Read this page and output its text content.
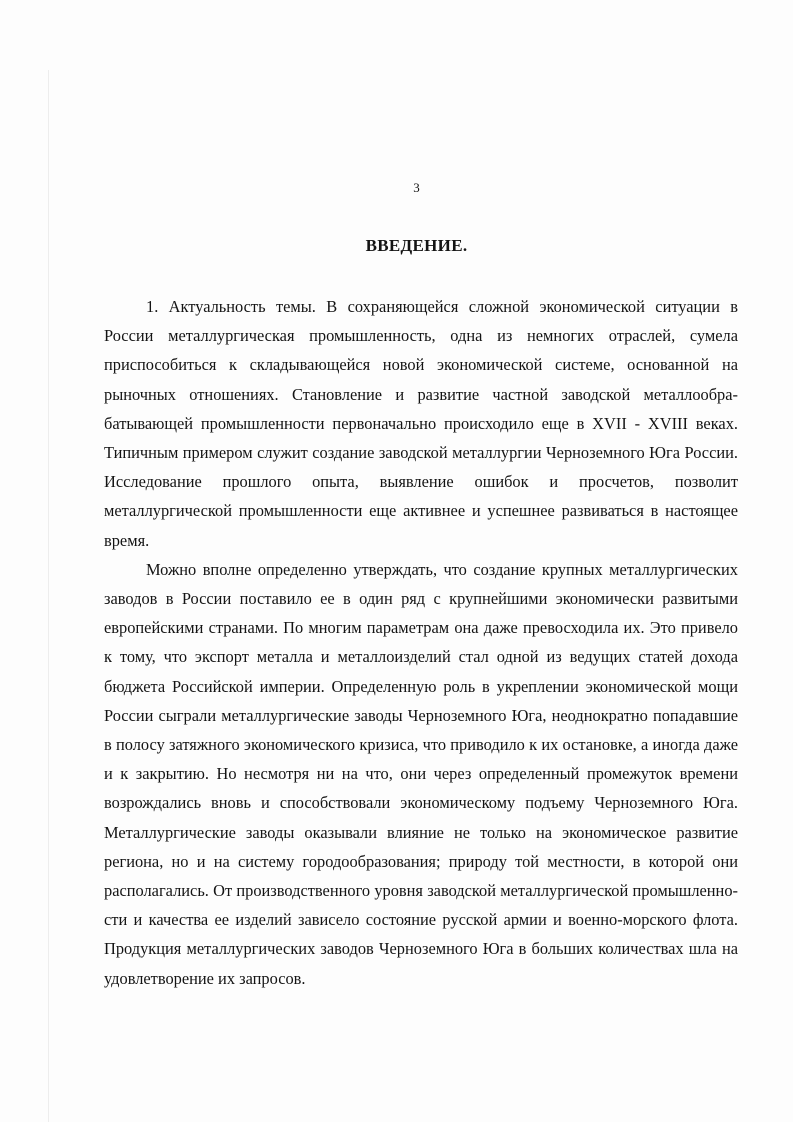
3
ВВЕДЕНИЕ.

1. Актуальность темы. В сохраняющейся сложной экономической ситуации в России металлургическая промышленность, одна из немногих отраслей, сумела приспособиться к складывающейся новой экономической системе, основанной на рыночных отношениях. Становление и развитие частной заводской металлообрабатывающей промышленности первоначально происходило еще в XVII - XVIII веках. Типичным примером служит создание заводской металлургии Черноземного Юга России. Исследование прошлого опыта, выявление ошибок и просчетов, позволит металлургической промышленности еще активнее и успешнее развиваться в настоящее время.

Можно вполне определенно утверждать, что создание крупных металлургических заводов в России поставило ее в один ряд с крупнейшими экономически развитыми европейскими странами. По многим параметрам она даже превосходила их. Это привело к тому, что экспорт металла и металлоизделий стал одной из ведущих статей дохода бюджета Российской империи. Определенную роль в укреплении экономической мощи России сыграли металлургические заводы Черноземного Юга, неоднократно попадавшие в полосу затяжного экономического кризиса, что приводило к их остановке, а иногда даже и к закрытию. Но несмотря ни на что, они через определенный промежуток времени возрождались вновь и способствовали экономическому подъему Черноземного Юга. Металлургические заводы оказывали влияние не только на экономическое развитие региона, но и на систему городообразования; природу той местности, в которой они располагались. От производственного уровня заводской металлургической промышленности и качества ее изделий зависело состояние русской армии и военно-морского флота. Продукция металлургических заводов Черноземного Юга в больших количествах шла на удовлетворение их запросов.
